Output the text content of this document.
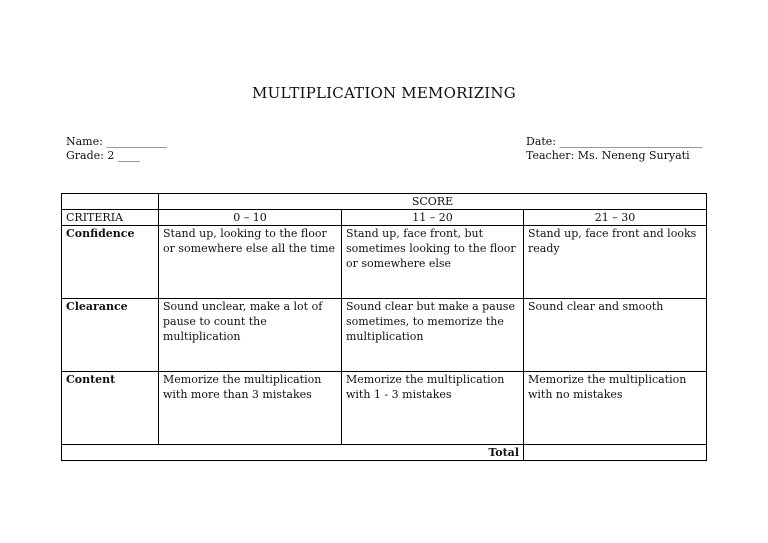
MULTIPLICATION MEMORIZING
Name: ___________
Grade: 2 ____
Date: __________________________
Teacher: Ms. Neneng Suryati
	SCORE		
CRITERIA	0 – 10	11 – 20	21 – 30
Confidence	Stand up, looking to the floor or somewhere else all the time	Stand up, face front, but sometimes looking to the floor or somewhere else	Stand up, face front and looks ready
Clearance	Sound unclear, make a lot of pause to count the multiplication	Sound clear but make a pause sometimes, to memorize the multiplication	Sound clear and smooth
Content	Memorize the multiplication with more than 3 mistakes	Memorize the multiplication with 1 - 3 mistakes	Memorize the multiplication with no mistakes
Total			
